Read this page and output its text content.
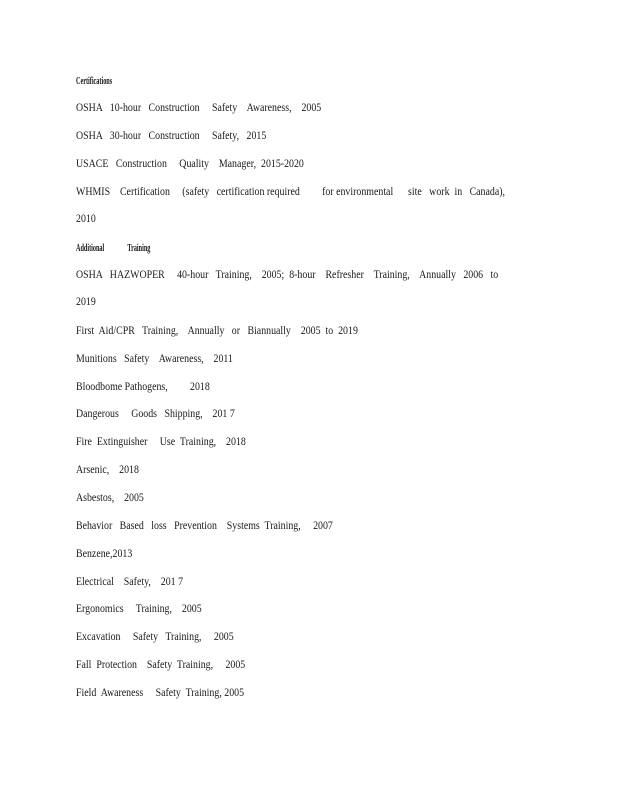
Certifications
OSHA   10-hour   Construction     Safety    Awareness,    2005
OSHA   30-hour   Construction     Safety,   2015
USACE   Construction     Quality    Manager,  2015-2020
WHMIS    Certification     (safety   certification required         for environmental      site   work  in   Canada),
2010
Additional               Training
OSHA   HAZWOPER     40-hour   Training,    2005;  8-hour    Refresher    Training,    Annually   2006   to
2019
First  Aid/CPR   Training,    Annually   or   Biannually    2005  to  2019
Munitions   Safety    Awareness,    2011
Bloodbome Pathogens,         2018
Dangerous     Goods   Shipping,    201 7
Fire  Extinguisher     Use  Training,    2018
Arsenic,    2018
Asbestos,    2005
Behavior   Based   loss   Prevention    Systems  Training,     2007
Benzene,2013
Electrical    Safety,    201 7
Ergonomics     Training,    2005
Excavation     Safety   Training,     2005
Fall  Protection    Safety  Training,     2005
Field  Awareness     Safety  Training, 2005
